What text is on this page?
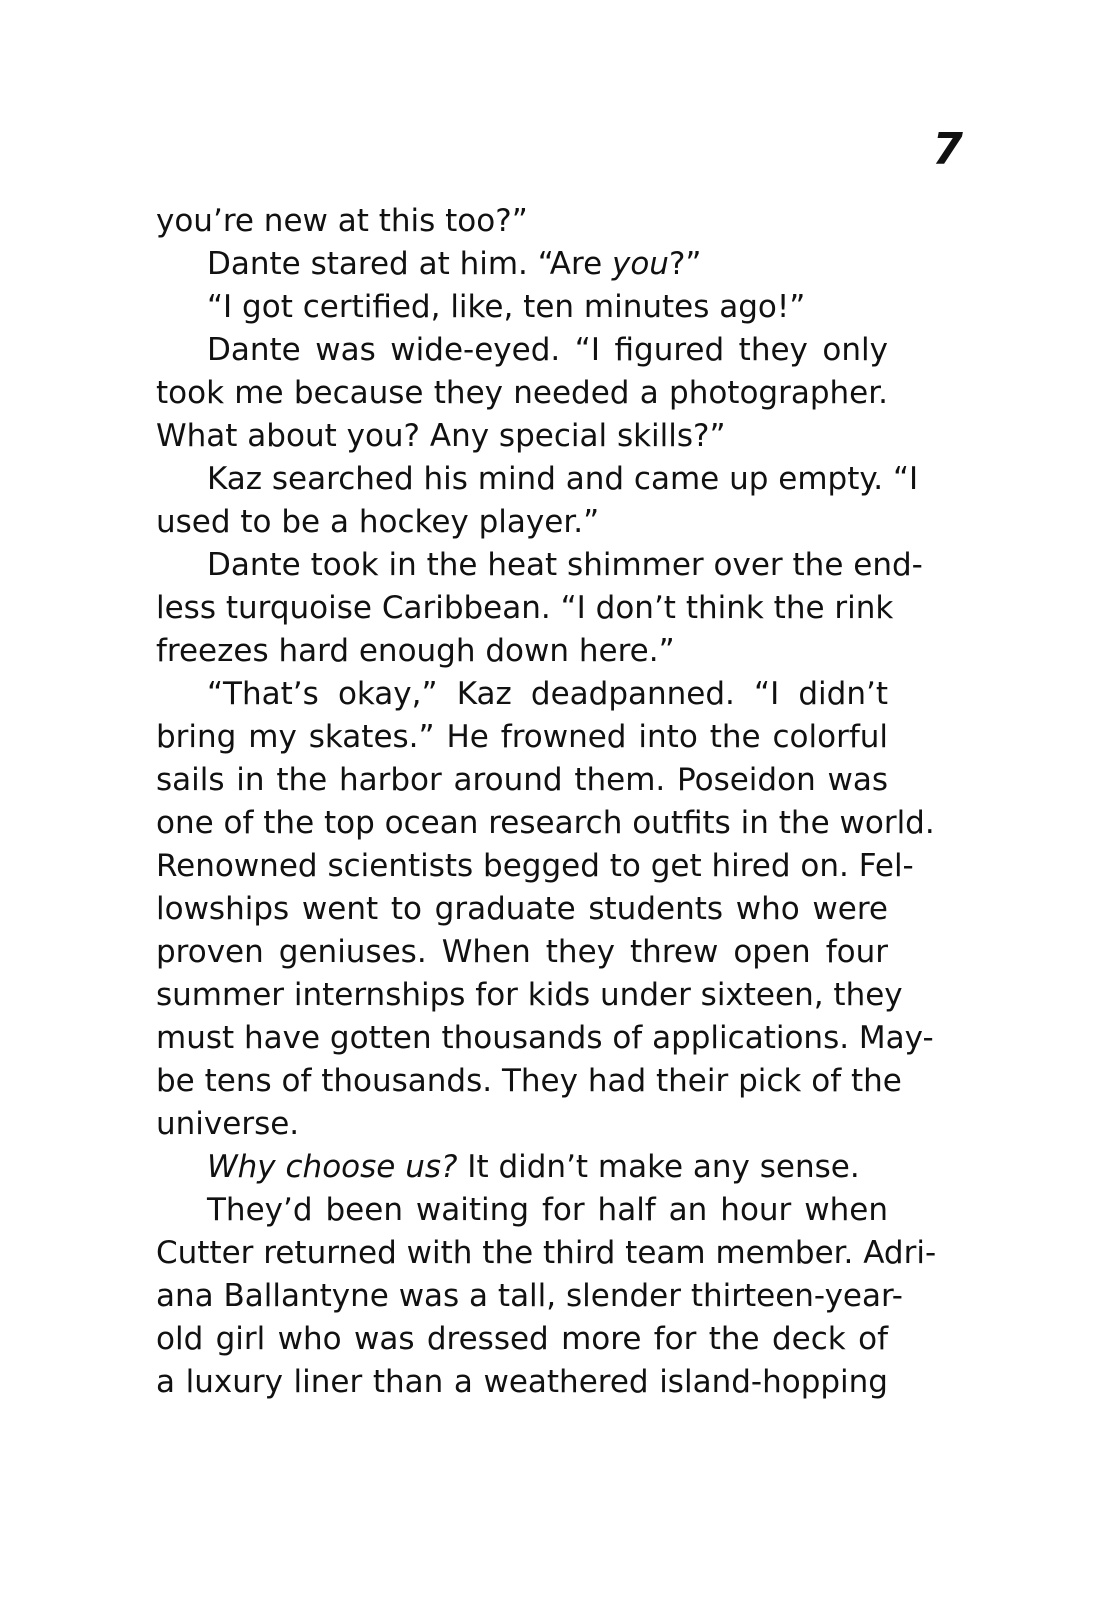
7
you’re new at this too?”
Dante stared at him. “Are you?”
“I got certified, like, ten minutes ago!”
Dante was wide-eyed. “I figured they only
took me because they needed a photographer.
What about you? Any special skills?”
Kaz searched his mind and came up empty. “I
used to be a hockey player.”
Dante took in the heat shimmer over the end-
less turquoise Caribbean. “I don’t think the rink
freezes hard enough down here.”
“That’s okay,” Kaz deadpanned. “I didn’t
bring my skates.” He frowned into the colorful
sails in the harbor around them. Poseidon was
one of the top ocean research outfits in the world.
Renowned scientists begged to get hired on. Fel-
lowships went to graduate students who were
proven geniuses. When they threw open four
summer internships for kids under sixteen, they
must have gotten thousands of applications. May-
be tens of thousands. They had their pick of the
universe.
Why choose us? It didn’t make any sense.
They’d been waiting for half an hour when
Cutter returned with the third team member. Adri-
ana Ballantyne was a tall, slender thirteen-year-
old girl who was dressed more for the deck of
a luxury liner than a weathered island-hopping
